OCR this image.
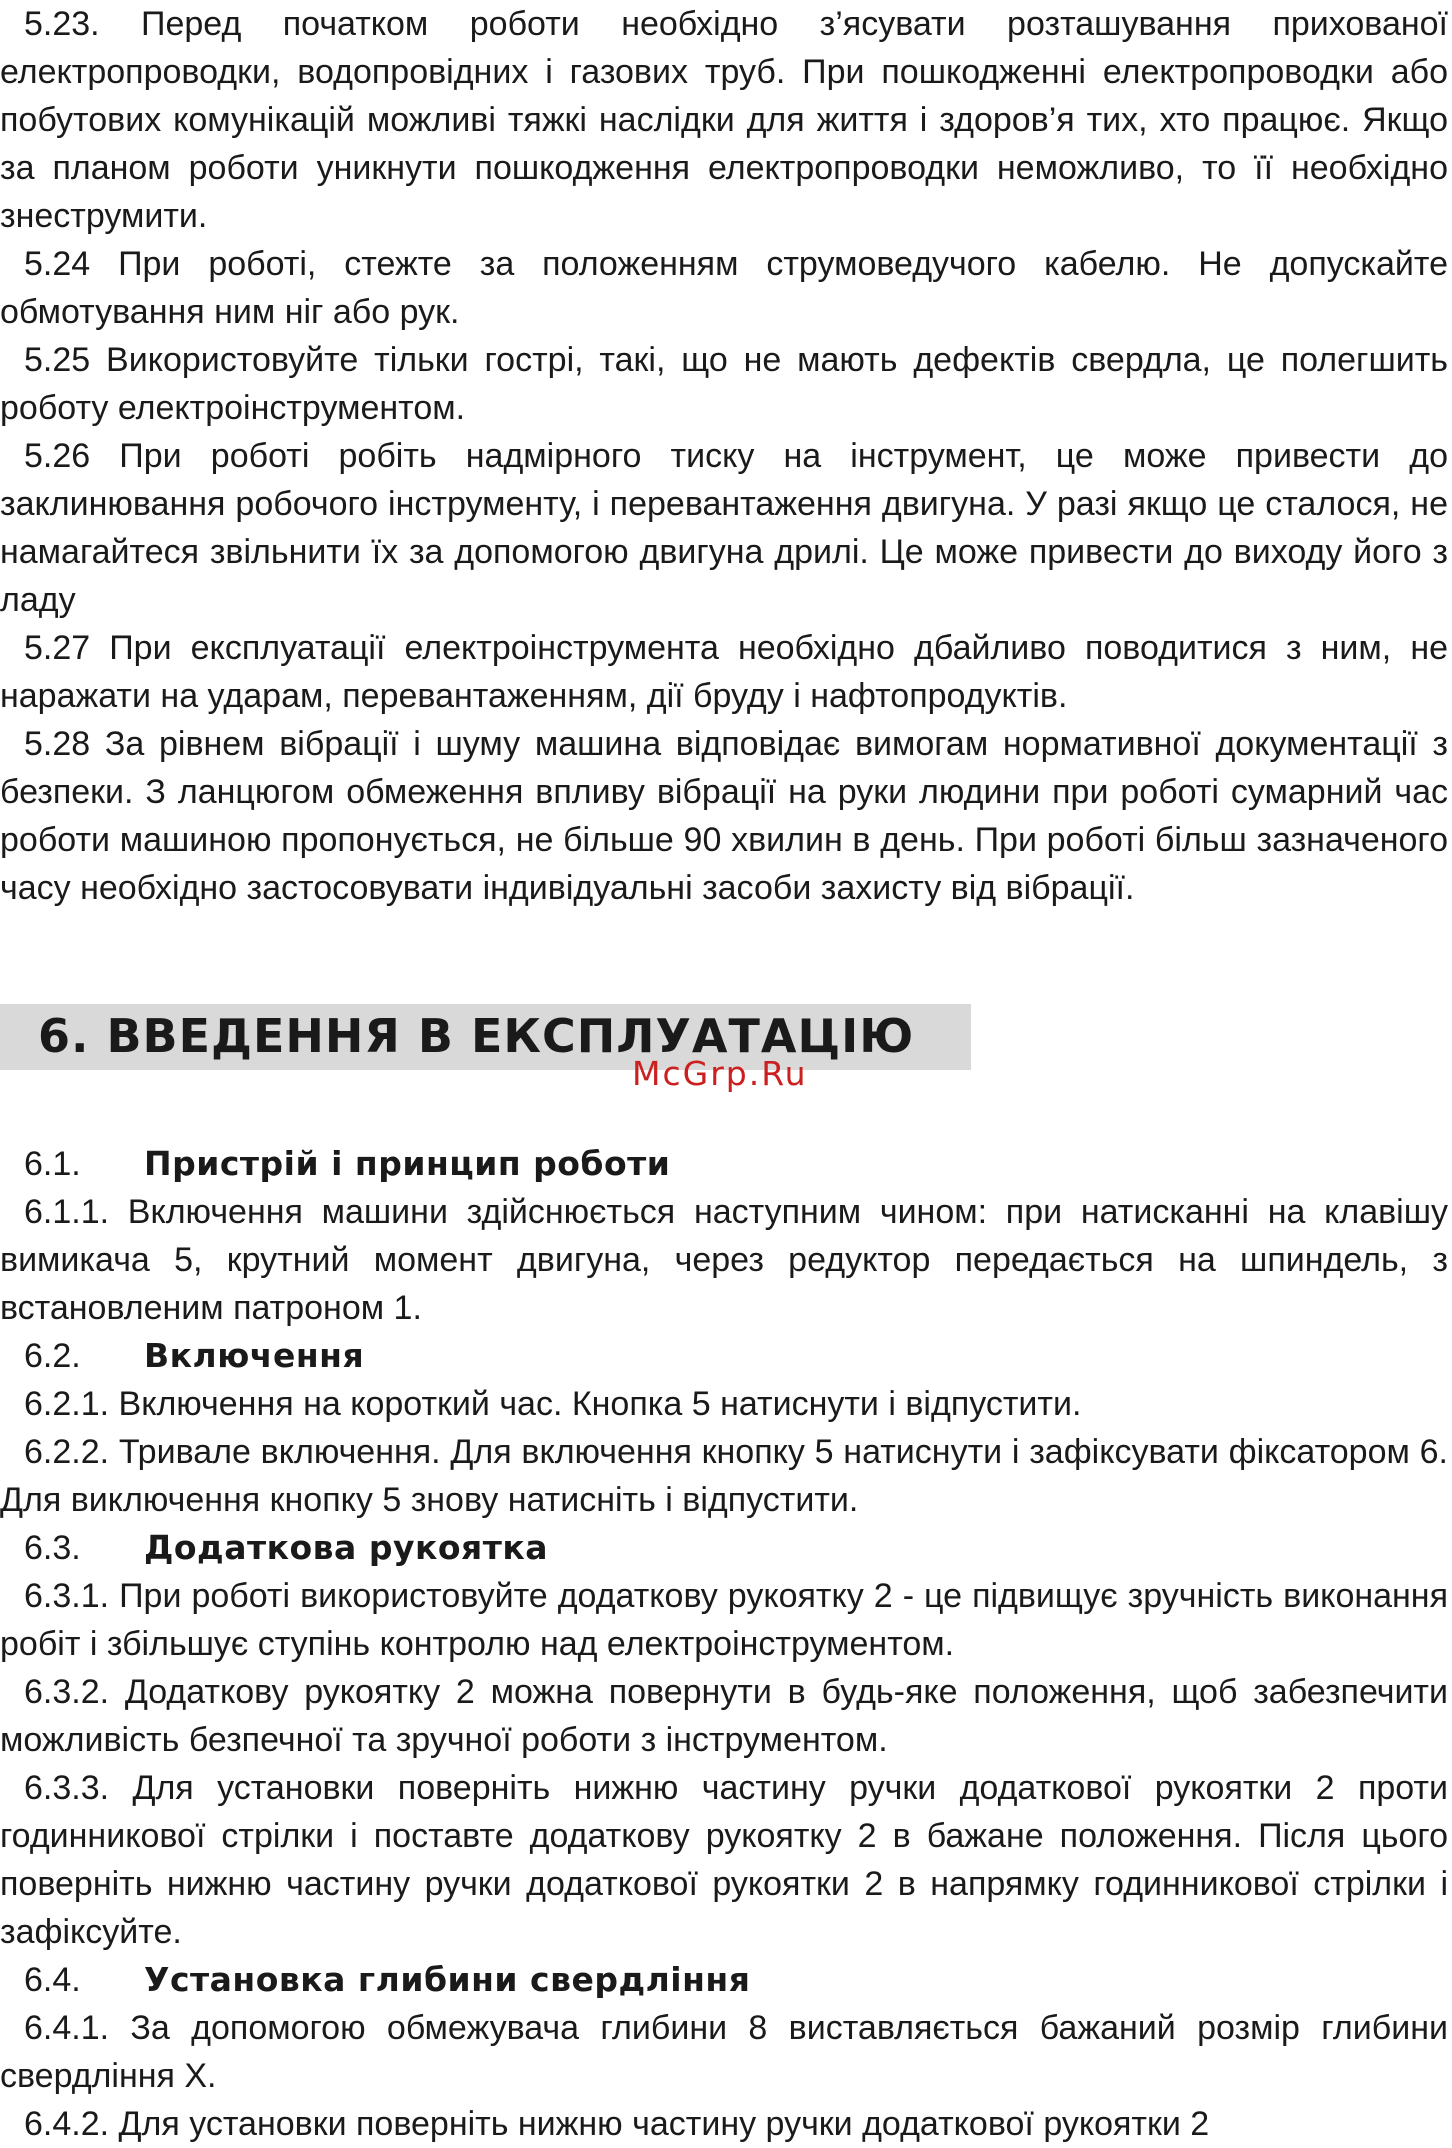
5.23. Перед початком роботи необхідно з’ясувати розташування прихованої електропроводки, водопровідних і газових труб. При пошкодженні електропроводки або побутових комунікацій можливі тяжкі наслідки для життя і здоров’я тих, хто працює. Якщо за планом роботи уникнути пошкодження електропроводки неможливо, то її необхідно знеструмити.

5.24 При роботі, стежте за положенням струмоведучого кабелю. Не допускайте обмотування ним ніг або рук.

5.25 Використовуйте тільки гострі, такі, що не мають дефектів свердла, це полегшить роботу електроінструментом.

5.26 При роботі робіть надмірного тиску на інструмент, це може привести до заклинювання робочого інструменту, і перевантаження двигуна. У разі якщо це сталося, не намагайтеся звільнити їх за допомогою двигуна дрилі. Це може привести до виходу його з ладу

5.27 При експлуатації електроінструмента необхідно дбайливо поводитися з ним, не наражати на ударам, перевантаженням, дії бруду і нафтопродуктів.

5.28 За рівнем вібрації і шуму машина відповідає вимогам нормативної документації з безпеки. З ланцюгом обмеження впливу вібрації на руки людини при роботі сумарний час роботи машиною пропонується, не більше 90 хвилин в день. При роботі більш зазначеного часу необхідно застосовувати індивідуальні засоби захисту від вібрації.

6. ВВЕДЕННЯ В ЕКСПЛУАТАЦІЮ
McGrp.Ru

6.1. Пристрій і принцип роботи

6.1.1. Включення машини здійснюється наступним чином: при натисканні на клавішу вимикача 5, крутний момент двигуна, через редуктор передається на шпиндель, з встановленим патроном 1.

6.2. Включення

6.2.1. Включення на короткий час. Кнопка 5 натиснути і відпустити.

6.2.2. Тривале включення. Для включення кнопку 5 натиснути і зафіксувати фіксатором 6. Для виключення кнопку 5 знову натисніть і відпустити.

6.3. Додаткова рукоятка

6.3.1. При роботі використовуйте додаткову рукоятку 2 - це підвищує зручність виконання робіт і збільшує ступінь контролю над електроінструментом.

6.3.2. Додаткову рукоятку 2 можна повернути в будь-яке положення, щоб забезпечити можливість безпечної та зручної роботи з інструментом.

6.3.3. Для установки поверніть нижню частину ручки додаткової рукоятки 2 проти годинникової стрілки і поставте додаткову рукоятку 2 в бажане положення. Після цього поверніть нижню частину ручки додаткової рукоятки 2 в напрямку годинникової стрілки і зафіксуйте.

6.4. Установка глибини свердління

6.4.1. За допомогою обмежувача глибини 8 виставляється бажаний розмір глибини свердління Х.

6.4.2. Для установки поверніть нижню частину ручки додаткової рукоятки 2
